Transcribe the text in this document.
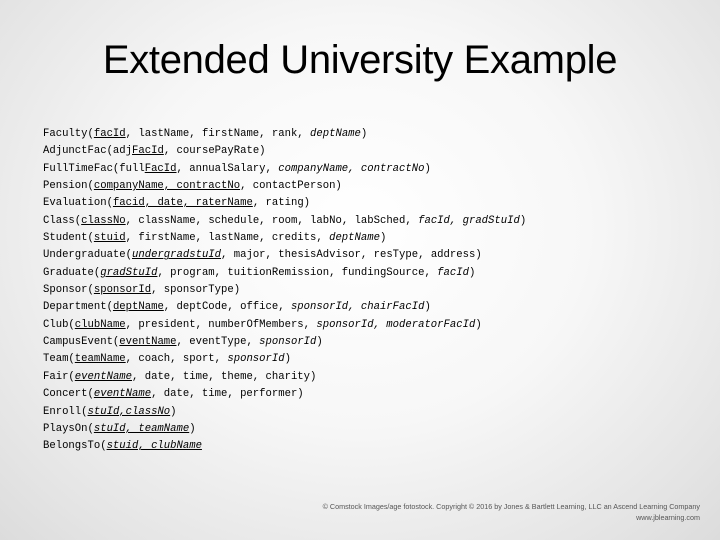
Extended University Example
Faculty(facId, lastName, firstName, rank, deptName)
AdjunctFac(adjFacId, coursePayRate)
FullTimeFac(fullFacId, annualSalary, companyName, contractNo)
Pension(companyName, contractNo, contactPerson)
Evaluation(facid, date, raterName, rating)
Class(classNo, className, schedule, room, labNo, labSched, facId, gradStuId)
Student(stuid, firstName, lastName, credits, deptName)
Undergraduate(undergradstuId, major, thesisAdvisor, resType, address)
Graduate(gradStuId, program, tuitionRemission, fundingSource, facId)
Sponsor(sponsorId, sponsorType)
Department(deptName, deptCode, office, sponsorId, chairFacId)
Club(clubName, president, numberOfMembers, sponsorId, moderatorFacId)
CampusEvent(eventName, eventType, sponsorId)
Team(teamName, coach, sport, sponsorId)
Fair(eventName, date, time, theme, charity)
Concert(eventName, date, time, performer)
Enroll(stuId,classNo)
PlaysOn(stuId, teamName)
BelongsTo(stuid, clubName
© Comstock Images/age fotostock. Copyright © 2016 by Jones & Bartlett Learning, LLC an Ascend Learning Company
www.jblearning.com
